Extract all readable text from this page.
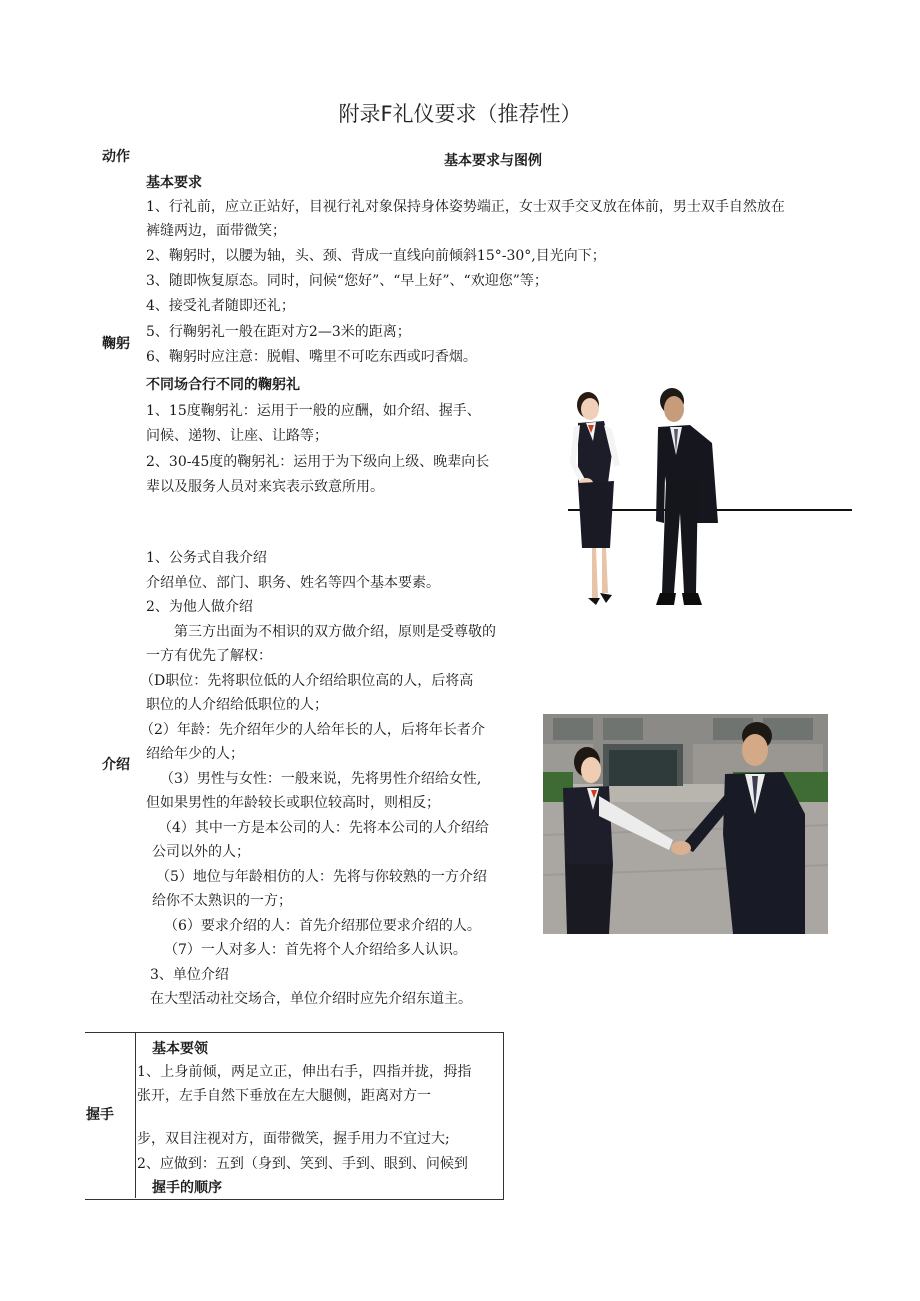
附录F礼仪要求（推荐性）
动作	基本要求与图例
鞠躬
基本要求
1、行礼前，应立正站好，目视行礼对象保持身体姿势端正，女士双手交叉放在体前，男士双手自然放在
裤缝两边，面带微笑；
2、鞠躬时，以腰为轴，头、颈、背成一直线向前倾斜15°-30°,目光向下；
3、随即恢复原态。同时，问候“您好”、“早上好”、“欢迎您”等；
4、接受礼者随即还礼；
5、行鞠躬礼一般在距对方2—3米的距离；
6、鞠躬时应注意：脱帽、嘴里不可吃东西或叼香烟。
不同场合行不同的鞠躬礼
1、15度鞠躬礼：运用于一般的应酬，如介绍、握手、
问候、递物、让座、让路等；
2、30-45度的鞠躬礼：运用于为下级向上级、晚辈向长
辈以及服务人员对来宾表示致意所用。
介绍
1、公务式自我介绍
介绍单位、部门、职务、姓名等四个基本要素。
2、为他人做介绍
第三方出面为不相识的双方做介绍，原则是受尊敬的
一方有优先了解权：
（D职位：先将职位低的人介绍给职位高的人，后将高
职位的人介绍给低职位的人；
（2）年龄：先介绍年少的人给年长的人，后将年长者介
绍给年少的人；
（3）男性与女性：一般来说，先将男性介绍给女性,
但如果男性的年龄较长或职位较高时，则相反；
（4）其中一方是本公司的人：先将本公司的人介绍给
公司以外的人；
（5）地位与年龄相仿的人：先将与你较熟的一方介绍
给你不太熟识的一方；
（6）要求介绍的人：首先介绍那位要求介绍的人。
（7）一人对多人：首先将个人介绍给多人认识。
3、单位介绍
在大型活动社交场合，单位介绍时应先介绍东道主。
握手
基本要领
1、上身前倾，两足立正，伸出右手，四指并拢，拇指
张开，左手自然下垂放在左大腿侧，距离对方一
步，双目注视对方，面带微笑，握手用力不宜过大;
2、应做到：五到（身到、笑到、手到、眼到、问候到
握手的顺序
